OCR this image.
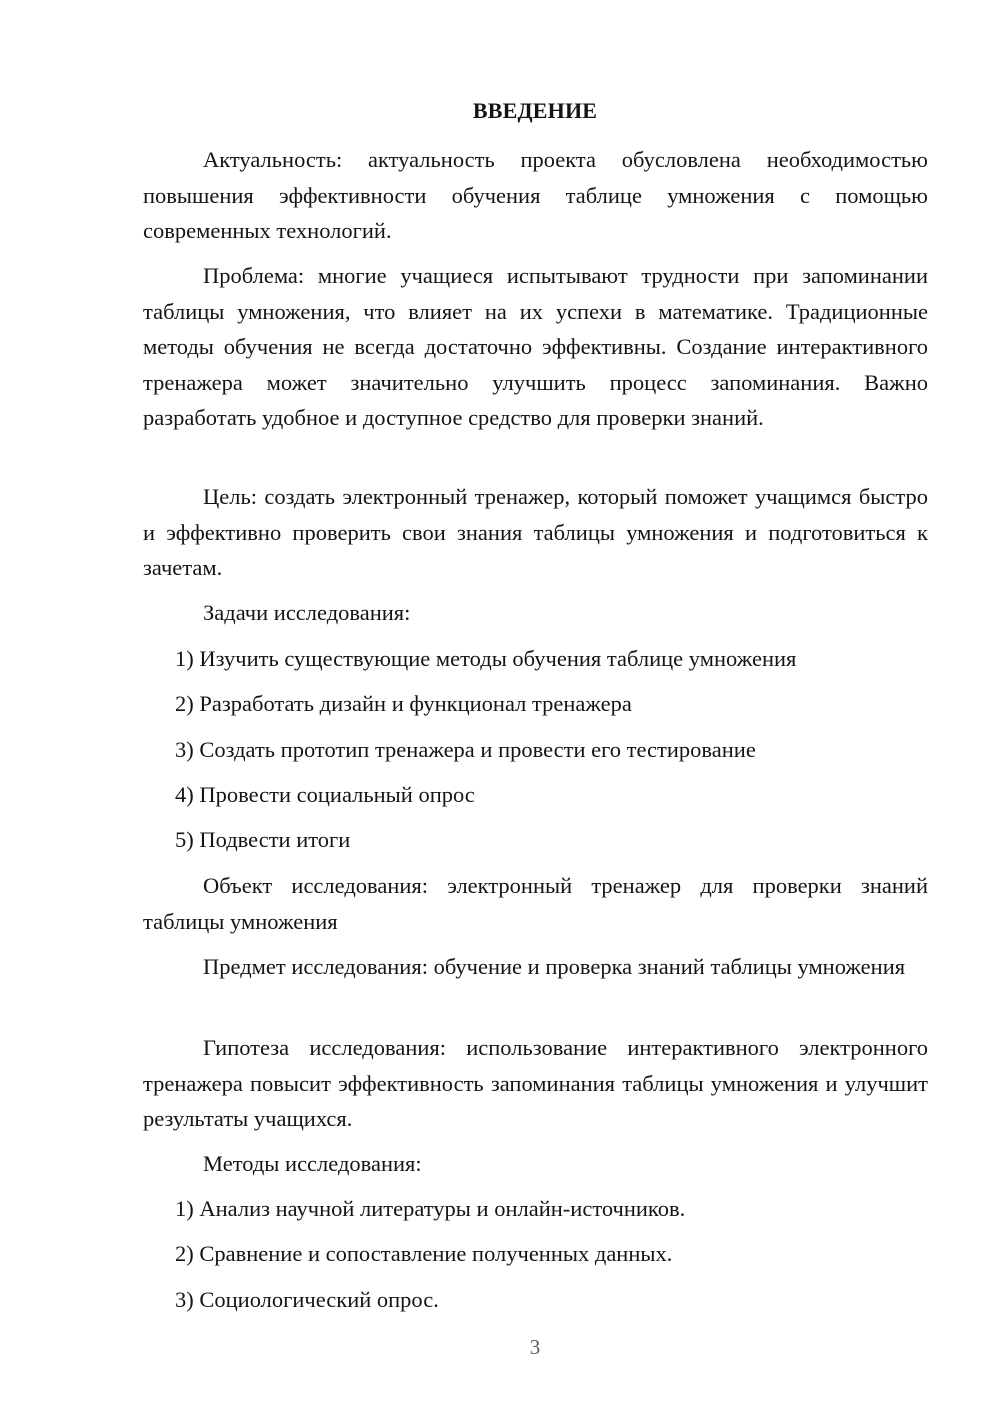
ВВЕДЕНИЕ

Актуальность: актуальность проекта обусловлена необходимостью повышения эффективности обучения таблице умножения с помощью современных технологий.

Проблема: многие учащиеся испытывают трудности при запоминании таблицы умножения, что влияет на их успехи в математике. Традиционные методы обучения не всегда достаточно эффективны. Создание интерактивного тренажера может значительно улучшить процесс запоминания. Важно разработать удобное и доступное средство для проверки знаний.

Цель: создать электронный тренажер, который поможет учащимся быстро и эффективно проверить свои знания таблицы умножения и подготовиться к зачетам.

Задачи исследования:

1) Изучить существующие методы обучения таблице умножения

2) Разработать дизайн и функционал тренажера

3) Создать прототип тренажера и провести его тестирование

4) Провести социальный опрос

5) Подвести итоги

Объект исследования: электронный тренажер для проверки знаний таблицы умножения

Предмет исследования: обучение и проверка знаний таблицы умножения

Гипотеза исследования: использование интерактивного электронного тренажера повысит эффективность запоминания таблицы умножения и улучшит результаты учащихся.

Методы исследования:

1) Анализ научной литературы и онлайн-источников.

2) Сравнение и сопоставление полученных данных.

3) Социологический опрос.

3
